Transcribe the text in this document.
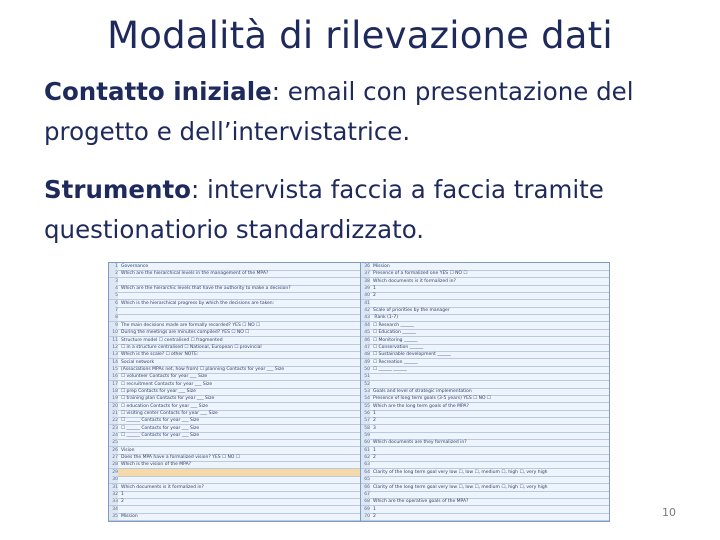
Modalità di rilevazione dati
Contatto iniziale: email con presentazione del progetto e dell’intervistatrice.
Strumento: intervista faccia a faccia tramite questionatiorio standardizzato.
1 Governance
2 Which are the hierarchical levels in the management of the MPA?
3
4 Which are the hierarchic levels that have the authority to make a decision?
5
6 Which is the hierarchical progress by which the decisions are taken:
7
8
9 The main decisions made are formally recorded? YES ☐ NO ☐
10 During the meetings are minutes compiled? YES ☐ NO ☐
11 Structure model ☐ centralised ☐ fragmented
12 ☐ in a structure centralised ☐ National, European ☐ provincial
13 Which is the scale? ☐ other NOTE:
14 Social network
15 (Associations MPAs net, how from) ☐ planning Contacts for year ___ Size
16 ☐ volunteer Contacts for year ___ Size
17 ☐ recruitment Contacts for year ___ Size
18 ☐ prep Contacts for year ___ Size
19 ☐ training plan Contacts for year ___ Size
20 ☐ education Contacts for year ___ Size
21 ☐ visiting center Contacts for year ___ Size
22 ☐ ______ Contacts for year ___ Size
23 ☐ ______ Contacts for year ___ Size
24 ☐ ______ Contacts for year ___ Size
25
26 Vision
27 Does the MPA have a formalized vision? YES ☐ NO ☐
28 Which is the vision of the MPA?
29
30
31 Which documents is it formalized in?
32 1
33 2
34
35 Mission
36 Mission
37 Presence of a formalized one YES ☐ NO ☐
38 Which documents is it formalized in?
39 1
40 2
41
42 Scale of priorities by the manager
43 Rank (1-7)
44 ☐ Research ______
45 ☐ Education ______
46 ☐ Monitoring ______
47 ☐ Conservation ______
48 ☐ Sustainable development ______
49 ☐ Recreation ______
50 ☐ ______ ______
51
52
53 Goals and level of strategic implementation
54 Presence of long term goals (3-5 years) YES ☐ NO ☐
55 Which are the long term goals of the MPA?
56 1
57 2
58 3
59
60 Which documents are they formalized in?
61 1
62 2
63
64 Clarity of the long term goal very low ☐, low ☐, medium ☐, high ☐, very high
65
66 Clarity of the long term goal very low ☐, low ☐, medium ☐, high ☐, very high
67
68 Which are the operative goals of the MPA?
69 1
70 2	10
